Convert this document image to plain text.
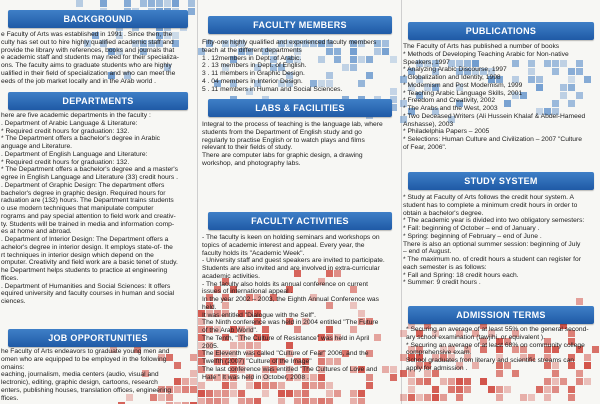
BACKGROUND
e Faculty of Arts was established in 1991 . Since then, the
culty has set out to hire highly qualified academic staff and
provide the library with references, books and journals that
e academic staff and students may need for their specializa-
ons. The faculty aims to graduate students who are highly
ualified in their field of specialization and who can meet the
eeds of the job market locally and in the Arab world .
DEPARTMENTS
here are five academic departments in the faculty :
. Department of Arabic Language & Literature:
* Required credit hours for graduation: 132.
* The Department offers a bachelor's degree in Arabic
anguage and Literature.
. Department of English Language and Literature:
* Required credit hours for graduation: 132.
* The Department offers a bachelor's degree and a master's
egree in English Language and Literature (33) credit hours .
. Department of Graphic Design: The department offers
bachelor's degree in graphic design. Required hours for
raduation are (132) hours. The Department trains students
o use modern techniques that manipulate computer
rograms and pay special attention to field work and creativ-
ty. Students will be trained in media and information comp-
es at home and abroad.
. Department of Interior Design: The Department offers a
achelor's degree in interior design. It employs state-of- the
rt techniques in interior design which depend on the
omputer. Creativity and field work are a basic tenet of study.
he Department helps students to practice at engineering
ffices.
. Department of Humanities and Social Sciences: It offers
equired university and faculty courses in human and social
ciences.
JOB OPPORTUNITIES
he Faculty of Arts endeavors to graduate young men and
omen who are equipped to be employed in the following
omains:
eaching, journalism, media centers (audio, visual and
lectronic), editing, graphic design, cartoons, research
enters, publishing houses, translation offices, engineering
ffices.
FACULTY MEMBERS
Fifty-one highly qualified and experienced faculty members
teach at the different departments
1 . 12members in Dept. of Arabic.
2 . 13 members in Dept. of English.
3 . 11 members in Graphic Design.
4 . 04 members in Interior Design.
5 . 11 members in Human and Social Sciences.
LABS & FACILITIES
Integral to the process of teaching is the language lab, where
students from the Department of English study and go
regularly to practise English or to watch plays and films
relevant to their fields of study.
There are computer labs for graphic design, a drawing
workshop, and photography labs.
FACULTY ACTIVITIES
- The faculty is keen on holding seminars and workshops on
topics of academic interest and appeal. Every year, the
faculty holds its "Academic Week".
- University staff and guest speakers are invited to participate.
Students are also invited and are involved in extra-curricular
academic activities.
- The faculty also holds its annual conference on current
issues of international appeal .
In the year 2002 – 2003, the Eighth Annual Conference was
held.
It was entitled "Dialogue with the Self".
The Ninth conference was held in 2004 entitled "The Future
of the Arab World".
The Tenth, " The Culture of Resistance" was held in April
2005.
The Eleventh was called "Culture of Fear" 2006, and the
Twelfth (2007) "Culture of the Image"
The last conference was entitled "The Cultures of Love and
Hate " It was held in October, 2008 .
PUBLICATIONS
The Faculty of Arts has published a number of books
* Methods of Developing Teaching Arabic for Non-native
Speakers, 1997
* Analyzing Arabic Discourse, 1997
* Globalization and Identity, 1998
* Modernism and Post Modernism, 1999
* Teaching Arabic Language Skills, 2001
* Freedom and Creativity, 2002
* The Arabs and the West, 2003
* Two Deceased Writers (Ali Hussein Khalaf & Abdel-Hameed
Anshasse), 2003
* Philadelphia Papers – 2005
* Selections: Human Culture and Civilization – 2007 "Culture
of Fear, 2006".
STUDY SYSTEM
* Study at Faculty of Arts follows the credit hour system. A
student has to complete a minimum credit hours in order to
obtain a bachelor's degree.
* The academic year is divided into two obligatory semesters:
* Fall: beginning of October – end of January .
* Spring: beginning of February – end of June .
There is also an optional summer session: beginning of July
– end of August.
* The maximum no. of credit hours a student can register for
each semester is as follows:
* Fall and Spring: 18 credit hours each.
* Summer: 9 credit hours .
ADMISSION TERMS
* Securing an average of at least 55% on the general second-
ary school examination (tawjihi, or equivalent ).
* Securing an average of at least 68% on community college
comprehensive exam.
School graduates from literary and scientific streams can
apply for admission .
